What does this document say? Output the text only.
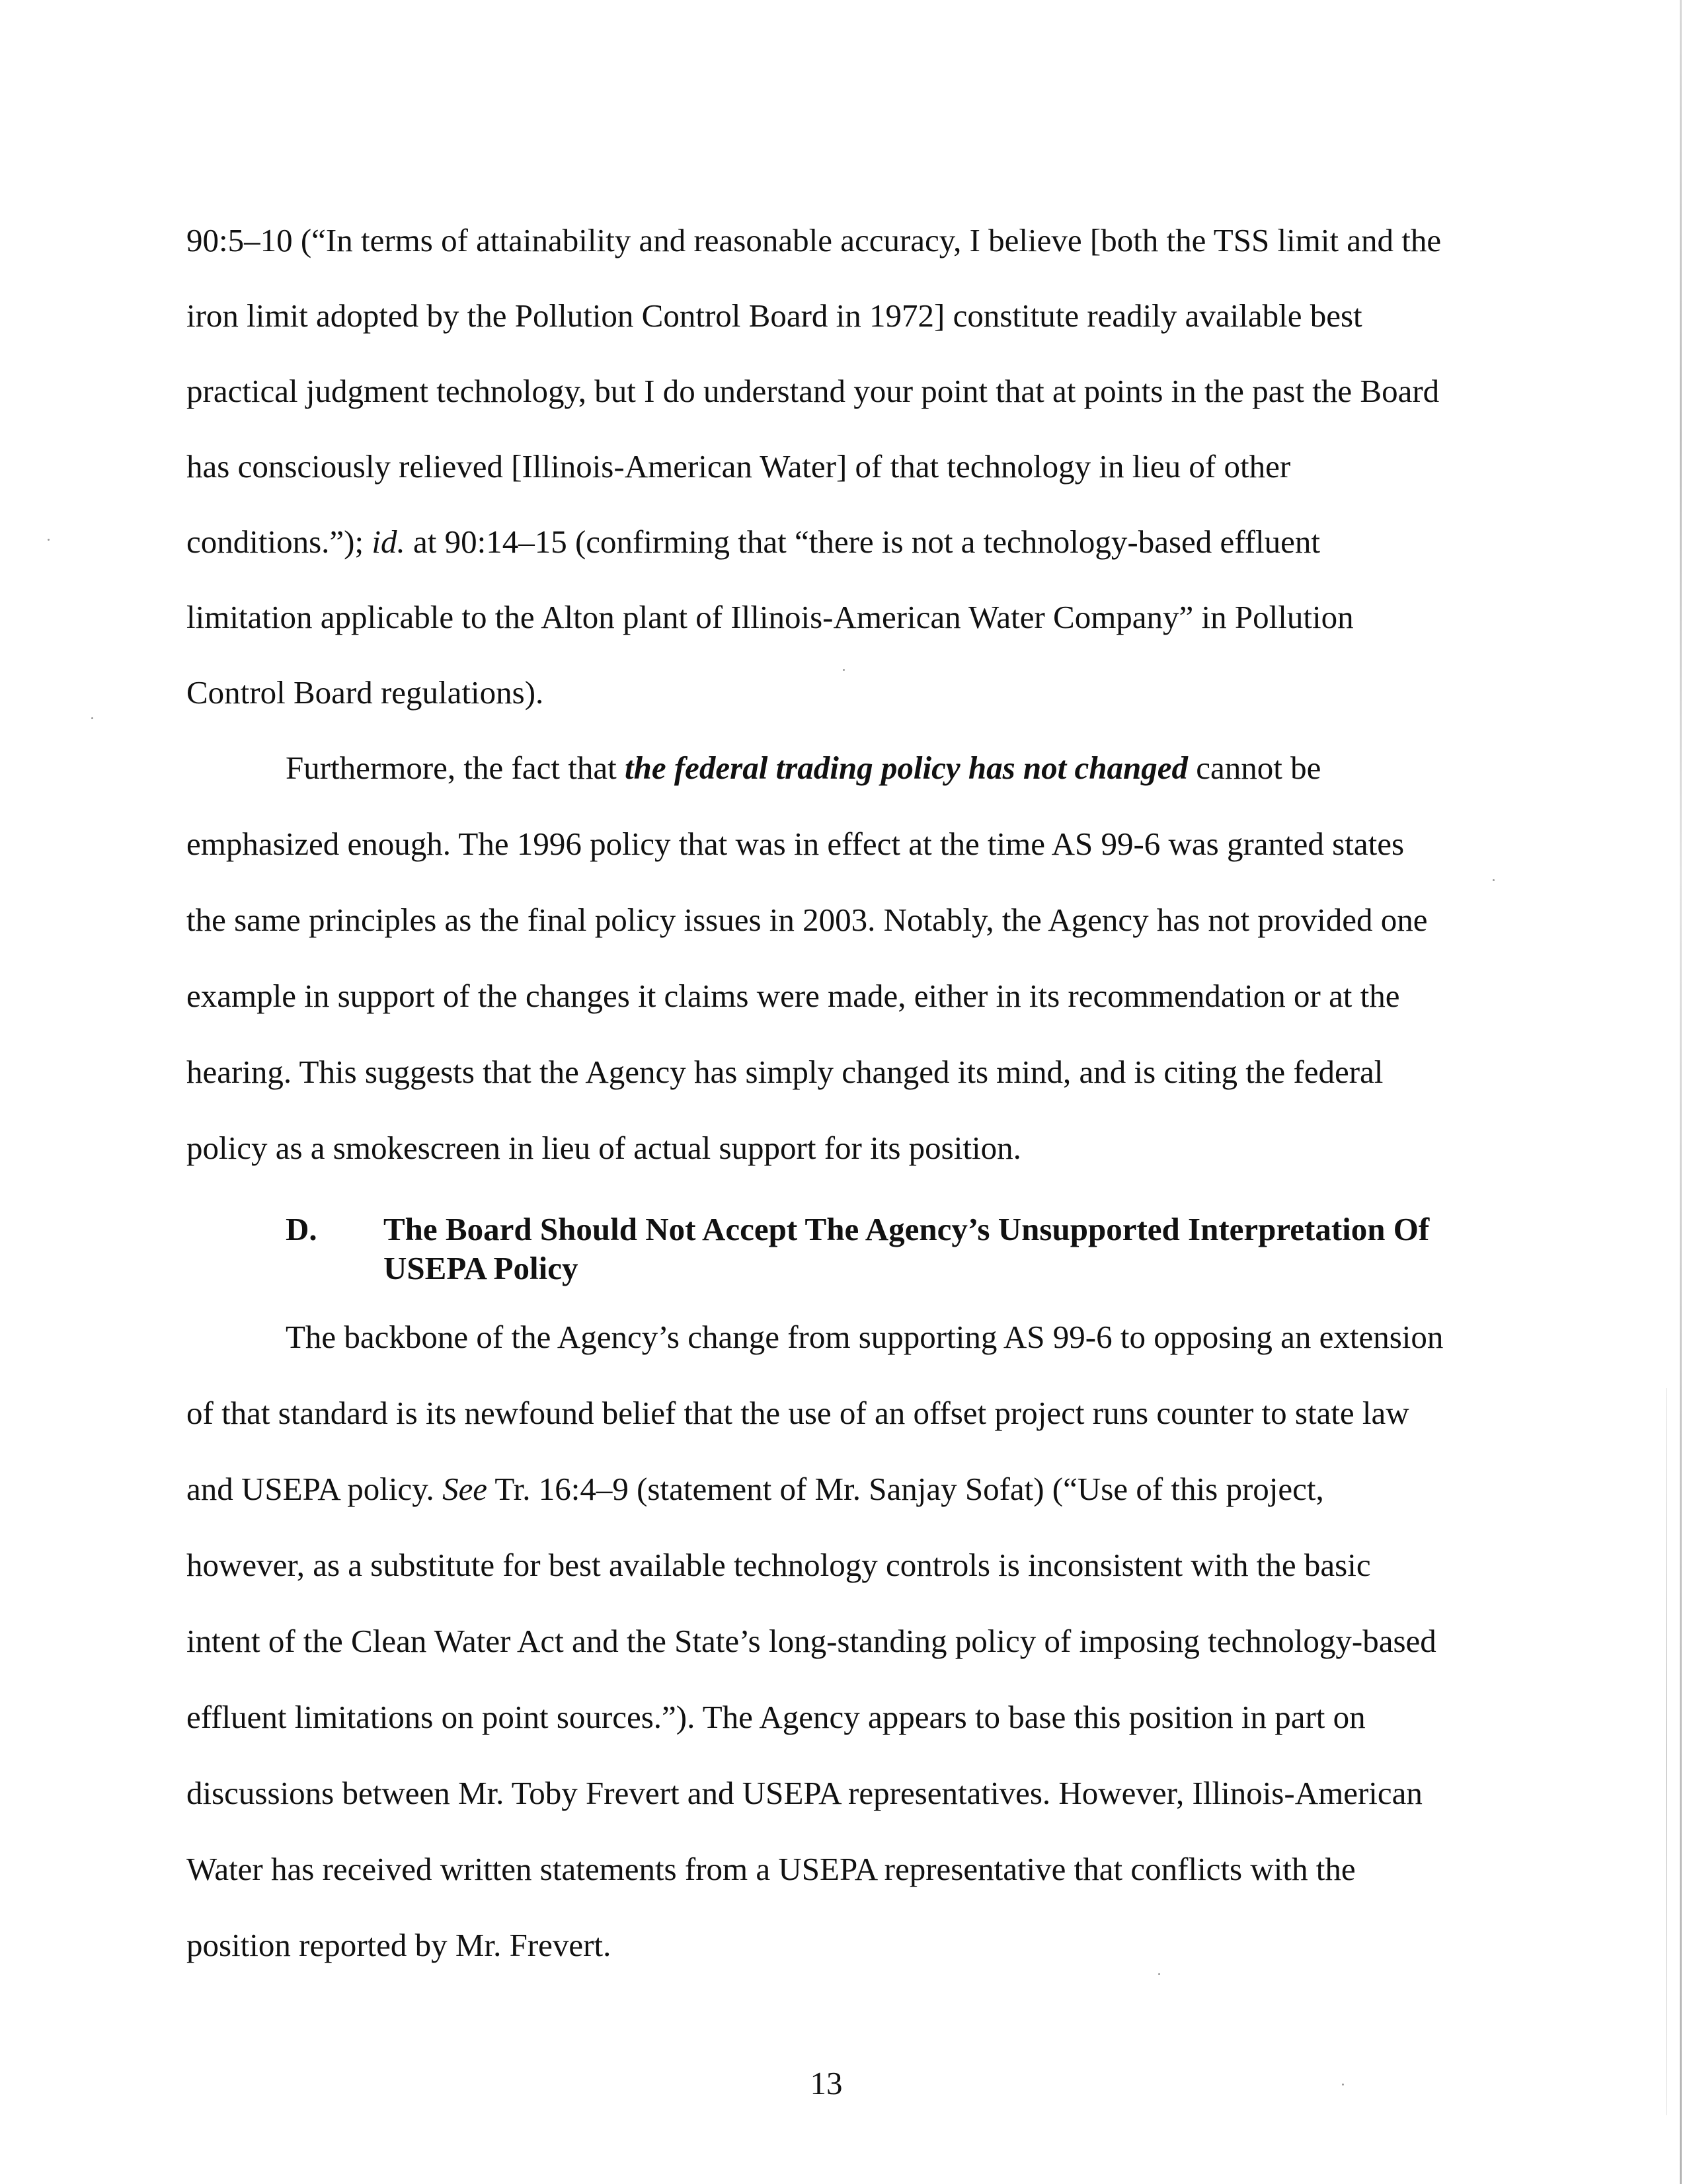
90:5–10 (“In terms of attainability and reasonable accuracy, I believe [both the TSS limit and the

iron limit adopted by the Pollution Control Board in 1972] constitute readily available best

practical judgment technology, but I do understand your point that at points in the past the Board

has consciously relieved [Illinois-American Water] of that technology in lieu of other

conditions.”); id. at 90:14–15 (confirming that “there is not a technology-based effluent

limitation applicable to the Alton plant of Illinois-American Water Company” in Pollution

Control Board regulations).

Furthermore, the fact that the federal trading policy has not changed cannot be

emphasized enough. The 1996 policy that was in effect at the time AS 99-6 was granted states

the same principles as the final policy issues in 2003. Notably, the Agency has not provided one

example in support of the changes it claims were made, either in its recommendation or at the

hearing. This suggests that the Agency has simply changed its mind, and is citing the federal

policy as a smokescreen in lieu of actual support for its position.

D. The Board Should Not Accept The Agency’s Unsupported Interpretation Of
USEPA Policy

The backbone of the Agency’s change from supporting AS 99-6 to opposing an extension

of that standard is its newfound belief that the use of an offset project runs counter to state law

and USEPA policy. See Tr. 16:4–9 (statement of Mr. Sanjay Sofat) (“Use of this project,

however, as a substitute for best available technology controls is inconsistent with the basic

intent of the Clean Water Act and the State’s long-standing policy of imposing technology-based

effluent limitations on point sources.”). The Agency appears to base this position in part on

discussions between Mr. Toby Frevert and USEPA representatives. However, Illinois-American

Water has received written statements from a USEPA representative that conflicts with the

position reported by Mr. Frevert.

13
